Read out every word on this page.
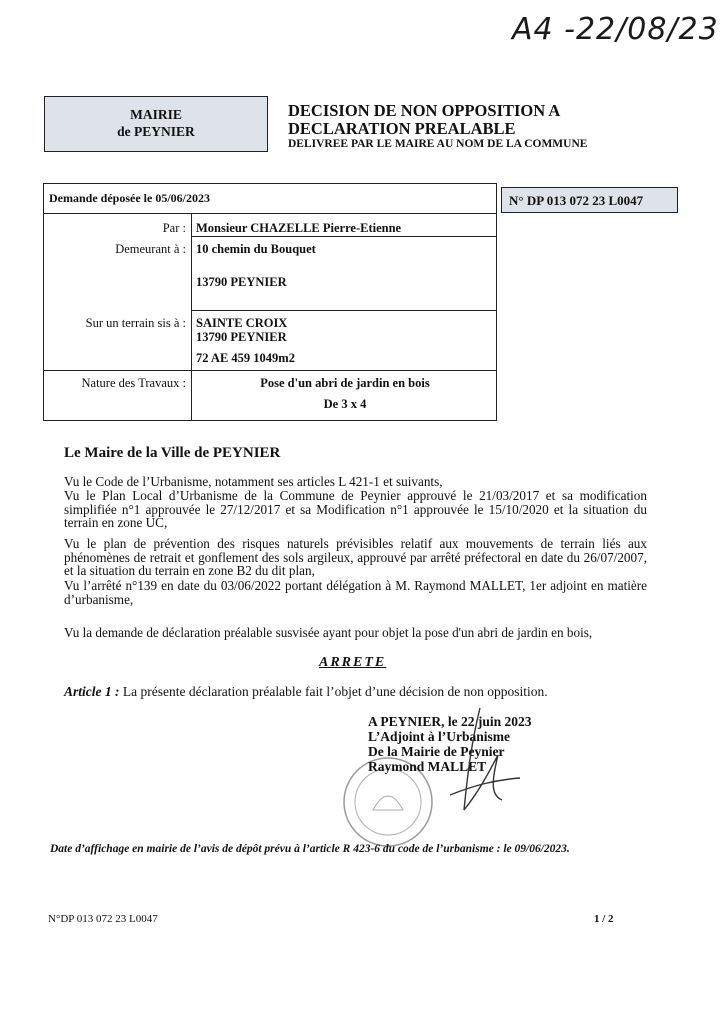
A4 -22/08/23
MAIRIE
de PEYNIER
DECISION DE NON OPPOSITION A
DECLARATION PREALABLE
DELIVREE PAR LE MAIRE AU NOM DE LA COMMUNE
N° DP 013 072 23 L0047
Demande déposée le 05/06/2023
Par : Monsieur CHAZELLE Pierre-Etienne
Demeurant à : 10 chemin du Bouquet
13790 PEYNIER
Sur un terrain sis à : SAINTE CROIX
13790 PEYNIER
72 AE 459 1049m2
Nature des Travaux :	Pose d'un abri de jardin en bois
De 3 x 4
Le Maire de la Ville de PEYNIER
Vu le Code de l’Urbanisme, notamment ses articles L 421-1 et suivants,
Vu le Plan Local d’Urbanisme de la Commune de Peynier approuvé le 21/03/2017 et sa modification simplifiée n°1 approuvée le 27/12/2017 et sa Modification n°1 approuvée le 15/10/2020 et la situation du terrain en zone UC,
Vu le plan de prévention des risques naturels prévisibles relatif aux mouvements de terrain liés aux phénomènes de retrait et gonflement des sols argileux, approuvé par arrêté préfectoral en date du 26/07/2007, et la situation du terrain en zone B2 du dit plan,
Vu l’arrêté n°139 en date du 03/06/2022 portant délégation à M. Raymond MALLET, 1er adjoint en matière d’urbanisme,
Vu la demande de déclaration préalable susvisée ayant pour objet la pose d'un abri de jardin en bois,
ARRETE
Article 1 : La présente déclaration préalable fait l’objet d’une décision de non opposition.
A PEYNIER, le 22 juin 2023
L’Adjoint à l’Urbanisme
De la Mairie de Peynier
Raymond MALLET
Date d’affichage en mairie de l’avis de dépôt prévu à l’article R 423-6 du code de l’urbanisme : le 09/06/2023.
N°DP 013 072 23 L0047	1 / 2
